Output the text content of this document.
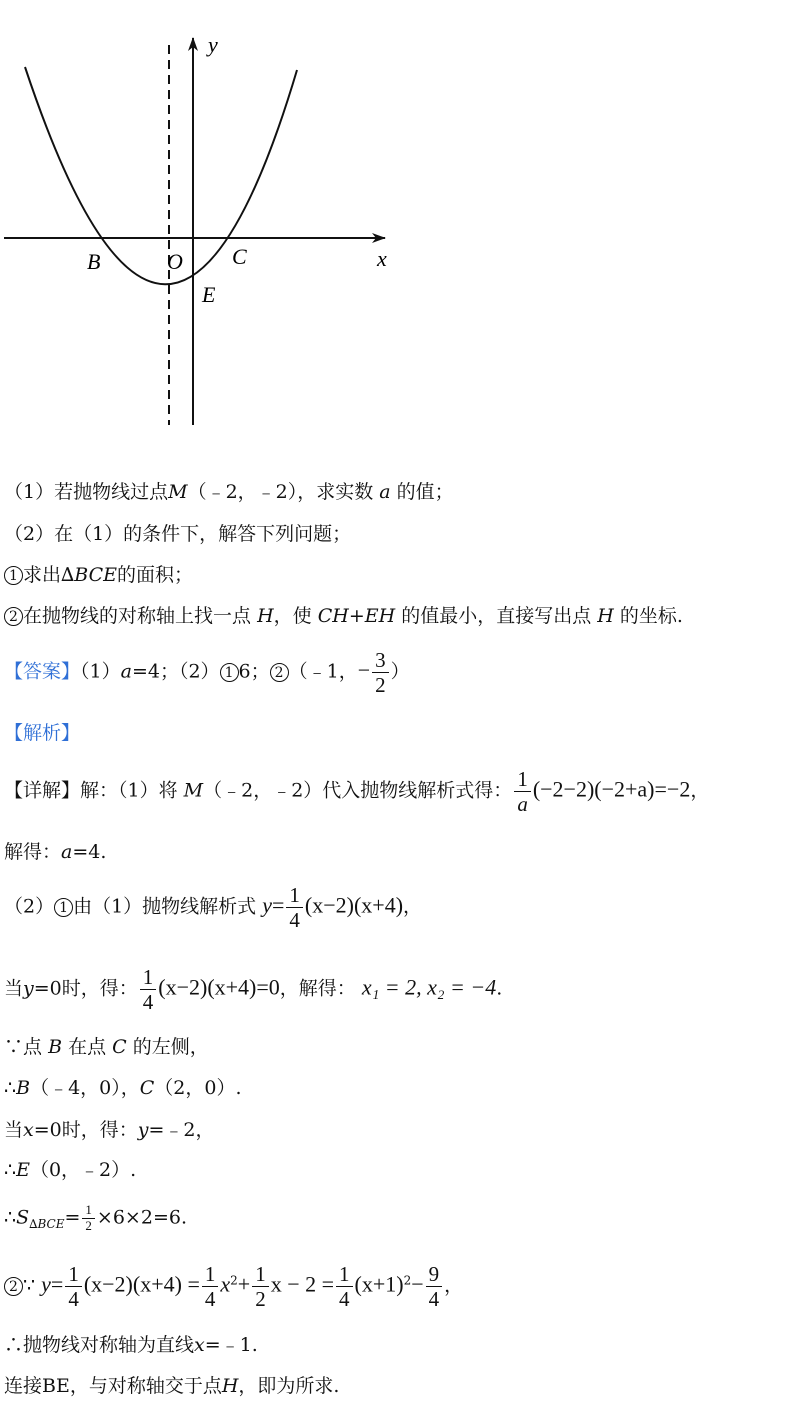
y
x
B	O C
E
（1）若抛物线过点M（﹣2，﹣2），求实数 a 的值；
（2）在（1）的条件下，解答下列问题；
1 求出∆BCE的面积；
2 在抛物线的对称轴上找一点 H，使 CH+EH 的值最小，直接写出点 H 的坐标.
【答案】（1）a=4；（2） 1 6； 2 （﹣1，− $\frac{3}{2}$ ）
【解析】
【详解】解：（1）将 M（﹣2，﹣2）代入抛物线解析式得： $\frac{1}{a} (-2-2)(-2+a)=-2$，
解得：a=4.
（2） 1 由（1）抛物线解析式 $y= \frac{1}{4} (x-2)(x+4)$，
当y=0时，得： $\frac{1}{4} (x-2)(x+4)=0$，解得： x₁ = 2, x₂ = −4.
∵点 B 在点 C 的左侧，
∴B（﹣4，0），C（2，0）.
当x=0时，得：y=﹣2，
∴E（0，﹣2）.
$\therefore S_{\Delta BCE}= \frac{1}{2} \times 6\times 2=6$.
2 ∵ $y= \frac{1}{4} (x-2)(x+4) = \frac{1}{4} x^2+ \frac{1}{2}$ $x - 2 = \frac{1}{4} (x+1)^2- \frac{9}{4}$ ，
∴抛物线对称轴为直线x=﹣1.
连接BE，与对称轴交于点H，即为所求.
